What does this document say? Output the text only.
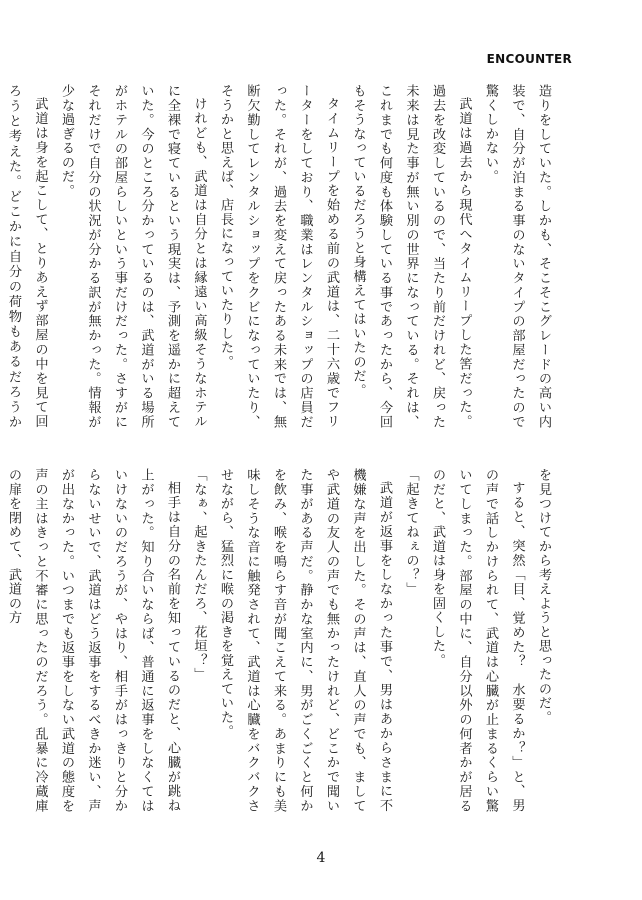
ENCOUNTER

造りをしていた。しかも、そこそこグレードの高い内装で、自分が泊まる事のないタイプの部屋だったので驚くしかない。

武道は過去から現代へタイムリープした筈だった。過去を改変しているので、当たり前だけれど、戻った未来は見た事が無い別の世界になっている。それは、これまでも何度も体験している事であったから、今回もそうなっているだろうと身構えてはいたのだ。

タイムリープを始める前の武道は、二十六歳でフリーターをしており、職業はレンタルショップの店員だった。それが、過去を変えて戻ったある未来では、無断欠勤してレンタルショップをクビになっていたり、そうかと思えば、店長になっていたりした。

けれども、武道は自分とは縁遠い高級そうなホテルに全裸で寝ているという現実は、予測を遥かに超えていた。今のところ分かっているのは、武道がいる場所がホテルの部屋らしいという事だけだった。さすがにそれだけで自分の状況が分かる訳が無かった。情報が少な過ぎるのだ。

武道は身を起こして、とりあえず部屋の中を見て回ろうと考えた。どこかに自分の荷物もあるだろうか

を見つけてから考えようと思ったのだ。

すると、突然「目、覚めた？　水要るか？」と、男の声で話しかけられて、武道は心臓が止まるくらい驚いてしまった。部屋の中に、自分以外の何者かが居るのだと、武道は身を固くした。

「起きてねぇの？」

武道が返事をしなかった事で、男はあからさまに不機嫌な声を出した。その声は、直人の声でも、ましてや武道の友人の声でも無かったけれど、どこかで聞いた事がある声だ。静かな室内に、男がごくごくと何かを飲み、喉を鳴らす音が聞こえて来る。あまりにも美味しそうな音に触発されて、武道は心臓をバクバクさせながら、猛烈に喉の渇きを覚えていた。

「なぁ、起きたんだろ、花垣？」

相手は自分の名前を知っているのだと、心臓が跳ね上がった。知り合いならば、普通に返事をしなくてはいけないのだろうが、やはり、相手がはっきりと分からないせいで、武道はどう返事をするべきか迷い、声が出なかった。いつまでも返事をしない武道の態度を声の主はきっと不審に思ったのだろう。乱暴に冷蔵庫の扉を閉めて、武道の方

4
